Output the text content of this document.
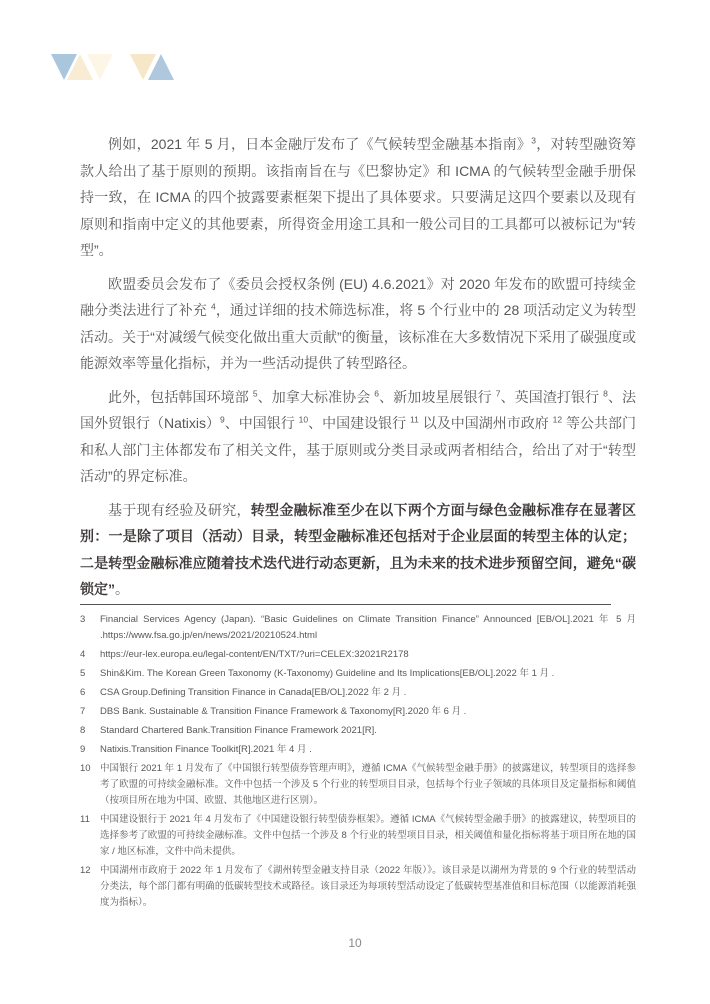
例如，2021 年 5 月，日本金融厅发布了《气候转型金融基本指南》$^3$，对转型融资筹款人给出了基于原则的预期。该指南旨在与《巴黎协定》和 ICMA 的气候转型金融手册保持一致，在 ICMA 的四个披露要素框架下提出了具体要求。只要满足这四个要素以及现有原则和指南中定义的其他要素，所得资金用途工具和一般公司目的工具都可以被标记为“转型”。

欧盟委员会发布了《委员会授权条例 (EU) 4.6.2021》对 2020 年发布的欧盟可持续金融分类法进行了补充 $^4$，通过详细的技术筛选标准，将 5 个行业中的 28 项活动定义为转型活动。关于“对减缓气候变化做出重大贡献”的衡量，该标准在大多数情况下采用了碳强度或能源效率等量化指标，并为一些活动提供了转型路径。

此外，包括韩国环境部 $^5$、加拿大标准协会 $^6$、新加坡星展银行 $^7$、英国渣打银行 $^8$、法国外贸银行（Natixis）$^9$、中国银行 $^{10}$、中国建设银行 $^{11}$ 以及中国湖州市政府 $^{12}$ 等公共部门和私人部门主体都发布了相关文件，基于原则或分类目录或两者相结合，给出了对于“转型活动”的界定标准。

基于现有经验及研究，转型金融标准至少在以下两个方面与绿色金融标准存在显著区别：一是除了项目（活动）目录，转型金融标准还包括对于企业层面的转型主体的认定；二是转型金融标准应随着技术迭代进行动态更新，且为未来的技术进步预留空间，避免“碳锁定”。

3	Financial Services Agency (Japan). “Basic Guidelines on Climate Transition Finance” Announced [EB/OL].2021 年 5 月 .https://www.fsa.go.jp/en/news/2021/20210524.html
4	https://eur-lex.europa.eu/legal-content/EN/TXT/?uri=CELEX:32021R2178
5	Shin&Kim. The Korean Green Taxonomy (K-Taxonomy) Guideline and Its Implications[EB/OL].2022 年 1 月 .
6	CSA Group.Defining Transition Finance in Canada[EB/OL].2022 年 2 月 .
7	DBS Bank. Sustainable & Transition Finance Framework & Taxonomy[R].2020 年 6 月 .
8	Standard Chartered Bank.Transition Finance Framework 2021[R].
9	Natixis.Transition Finance Toolkit[R].2021 年 4 月 .
10 中国银行 2021 年 1 月发布了《中国银行转型债券管理声明》，遵循 ICMA《气候转型金融手册》的披露建议，转型项目的选择参考了欧盟的可持续金融标准。文件中包括一个涉及 5 个行业的转型项目目录，包括每个行业子领域的具体项目及定量指标和阈值（按项目所在地为中国、欧盟、其他地区进行区别）。
11	中国建设银行于 2021 年 4 月发布了《中国建设银行转型债券框架》。遵循 ICMA《气候转型金融手册》的披露建议，转型项目的选择参考了欧盟的可持续金融标准。文件中包括一个涉及 8 个行业的转型项目目录，相关阈值和量化指标将基于项目所在地的国家 / 地区标准，文件中尚未提供。
12 中国湖州市政府于 2022 年 1 月发布了《湖州转型金融支持目录（2022 年版）》。该目录是以湖州为背景的 9 个行业的转型活动分类法，每个部门都有明确的低碳转型技术或路径。该目录还为每项转型活动设定了低碳转型基准值和目标范围（以能源消耗强度为指标）。
10
